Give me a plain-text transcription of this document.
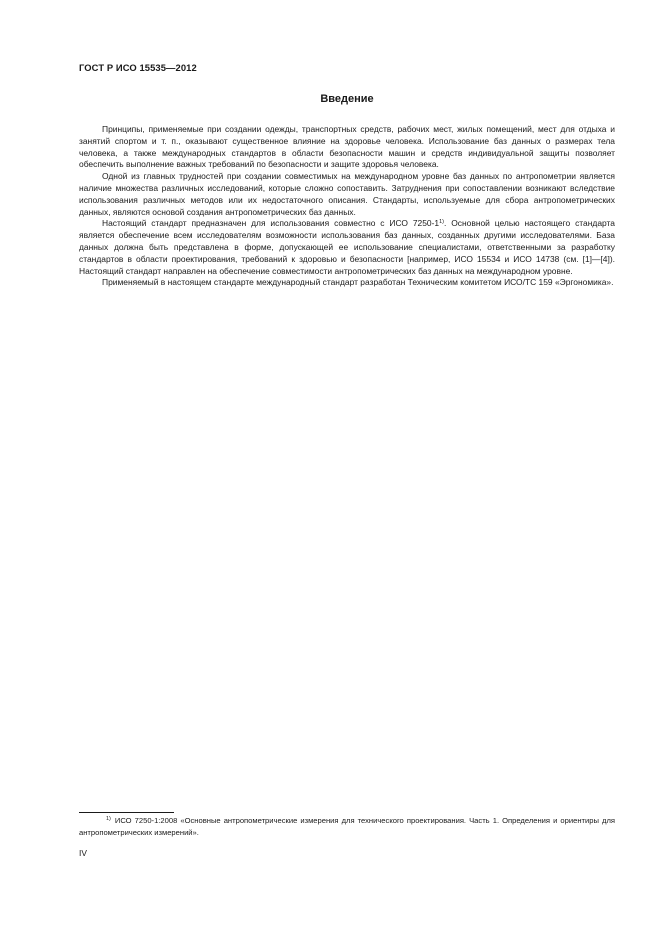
ГОСТ Р ИСО 15535—2012
Введение

Принципы, применяемые при создании одежды, транспортных средств, рабочих мест, жилых помещений, мест для отдыха и занятий спортом и т. п., оказывают существенное влияние на здоровье человека. Использование баз данных о размерах тела человека, а также международных стандартов в области безопасности машин и средств индивидуальной защиты позволяет обеспечить выполнение важных требований по безопасности и защите здоровья человека.

Одной из главных трудностей при создании совместимых на международном уровне баз данных по антропометрии является наличие множества различных исследований, которые сложно сопоставить. Затруднения при сопоставлении возникают вследствие использования различных методов или их недостаточного описания. Стандарты, используемые для сбора антропометрических данных, являются основой создания антропометрических баз данных.

Настоящий стандарт предназначен для использования совместно с ИСО 7250-1$^{1)}$. Основной целью настоящего стандарта является обеспечение всем исследователям возможности использования баз данных, созданных другими исследователями. База данных должна быть представлена в форме, допускающей ее использование специалистами, ответственными за разработку стандартов в области проектирования, требований к здоровью и безопасности [например, ИСО 15534 и ИСО 14738 (см. [1]—[4]). Настоящий стандарт направлен на обеспечение совместимости антропометрических баз данных на международном уровне.

Применяемый в настоящем стандарте международный стандарт разработан Техническим комитетом ИСО/ТС 159 «Эргономика».

1) ИСО 7250-1:2008 «Основные антропометрические измерения для технического проектирования. Часть 1. Определения и ориентиры для антропометрических измерений».
IV
